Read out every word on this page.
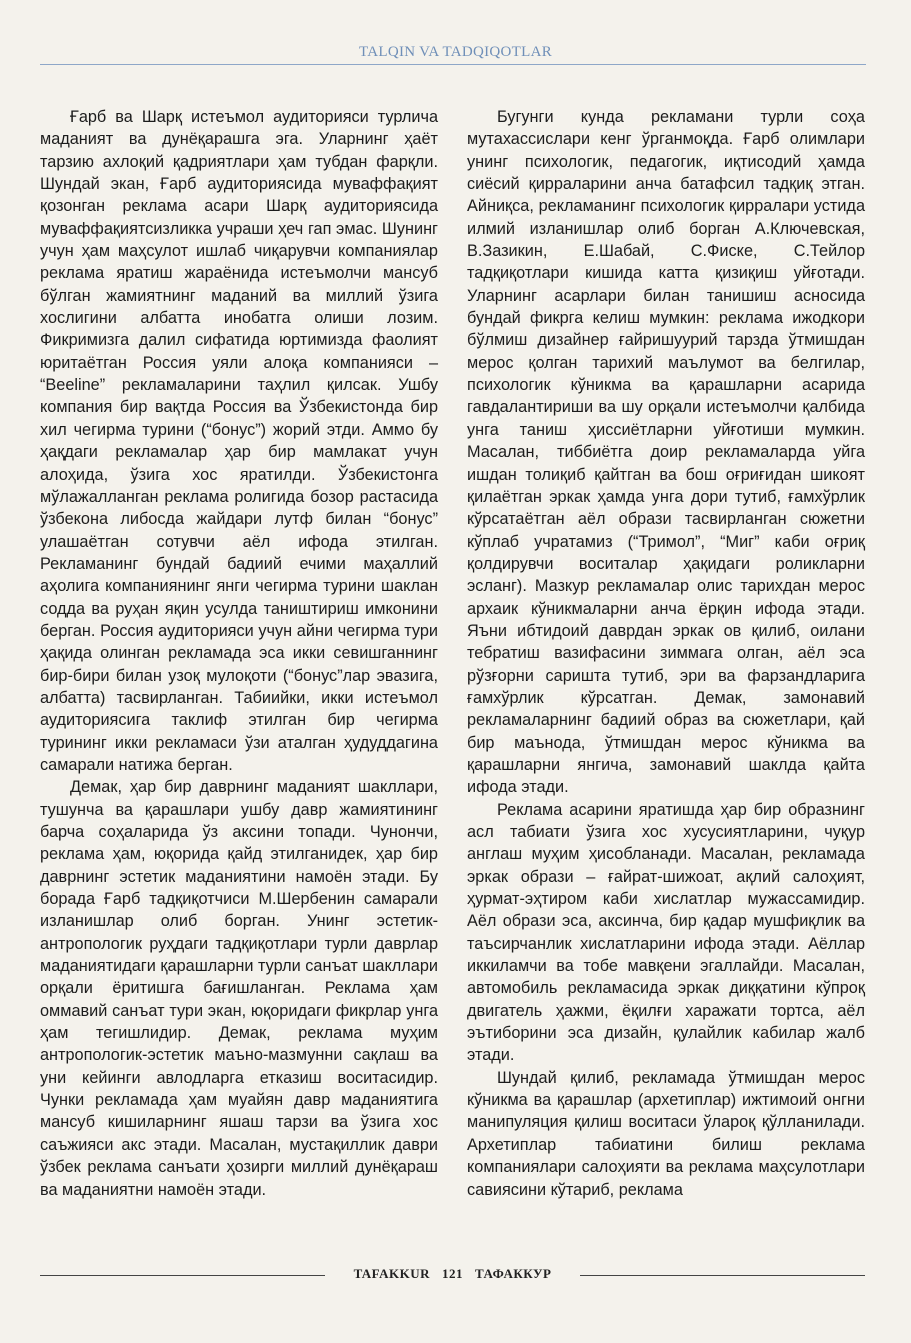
TALQIN VA TADQIQOTLAR

Ғарб ва Шарқ истеъмол аудиторияси турлича маданият ва дунёқарашга эга. Уларнинг ҳаёт тарзию ахлоқий қадриятлари ҳам тубдан фарқли. Шундай экан, Ғарб аудиториясида муваффақият қозонган реклама асари Шарқ аудиториясида муваффақиятсизликка учраши ҳеч гап эмас. Шунинг учун ҳам маҳсулот ишлаб чиқарувчи компаниялар реклама яратиш жараёнида истеъмолчи мансуб бўлган жамиятнинг маданий ва миллий ўзига хослигини албатта инобатга олиши лозим. Фикримизга далил сифатида юртимизда фаолият юритаётган Россия уяли алоқа компанияси – “Beeline” рекламаларини таҳлил қилсак. Ушбу компания бир вақтда Россия ва Ўзбекистонда бир хил чегирма турини (“бонус”) жорий этди. Аммо бу ҳақдаги рекламалар ҳар бир мамлакат учун алоҳида, ўзига хос яратилди. Ўзбекистонга мўлажалланган реклама ролигида бозор растасида ўзбекона либосда жайдари лутф билан “бонус” улашаётган сотувчи аёл ифода этилган. Рекламанинг бундай бадиий ечими маҳаллий аҳолига компаниянинг янги чегирма турини шаклан содда ва руҳан яқин усулда таништириш имконини берган. Россия аудиторияси учун айни чегирма тури ҳақида олинган рекламада эса икки севишганнинг бир-бири билан узоқ мулоқоти (“бонус”лар эвазига, албатта) тасвирланган. Табиийки, икки истеъмол аудиториясига таклиф этилган бир чегирма турининг икки рекламаси ўзи аталган ҳудуддагина самарали натижа берган.

Демак, ҳар бир даврнинг маданият шакллари, тушунча ва қарашлари ушбу давр жамиятининг барча соҳаларида ўз аксини топади. Чунончи, реклама ҳам, юқорида қайд этилганидек, ҳар бир даврнинг эстетик маданиятини намоён этади. Бу борада Ғарб тадқиқотчиси М.Шербенин самарали изланишлар олиб борган. Унинг эстетик-антропологик руҳдаги тадқиқотлари турли даврлар маданиятидаги қарашларни турли санъат шакллари орқали ёритишга бағишланган. Реклама ҳам оммавий санъат тури экан, юқоридаги фикрлар унга ҳам тегишлидир. Демак, реклама муҳим антропологик-эстетик маъно-мазмунни сақлаш ва уни кейинги авлодларга етказиш воситасидир. Чунки рекламада ҳам муайян давр маданиятига мансуб кишиларнинг яшаш тарзи ва ўзига хос саъжияси акс этади. Масалан, мустақиллик даври ўзбек реклама санъати ҳозирги миллий дунёқараш ва маданиятни намоён этади.

Бугунги кунда рекламани турли соҳа мутахассислари кенг ўрганмоқда. Ғарб олимлари унинг психологик, педагогик, иқтисодий ҳамда сиёсий қирраларини анча батафсил тадқиқ этган. Айниқса, рекламанинг психологик қирралари устида илмий изланишлар олиб борган А.Ключевская, В.Зазикин, Е.Шабай, С.Фиске, С.Тейлор тадқиқотлари кишида катта қизиқиш уйғотади. Уларнинг асарлари билан танишиш асносида бундай фикрга келиш мумкин: реклама ижодкори бўлмиш дизайнер ғайришуурий тарзда ўтмишдан мерос қолган тарихий маълумот ва белгилар, психологик кўникма ва қарашларни асарида гавдалантириши ва шу орқали истеъмолчи қалбида унга таниш ҳиссиётларни уйғотиши мумкин. Масалан, тиббиётга доир рекламаларда уйга ишдан толиқиб қайтган ва бош оғриғидан шикоят қилаётган эркак ҳамда унга дори тутиб, ғамхўрлик кўрсатаётган аёл образи тасвирланган сюжетни кўплаб учратамиз (“Тримол”, “Миг” каби оғриқ қолдирувчи воситалар ҳақидаги роликларни эсланг). Мазкур рекламалар олис тарихдан мерос архаик кўникмаларни анча ёрқин ифода этади. Яъни ибтидоий даврдан эркак ов қилиб, оилани тебратиш вазифасини зиммага олган, аёл эса рўзғорни саришта тутиб, эри ва фарзандларига ғамхўрлик кўрсатган. Демак, замонавий рекламаларнинг бадиий образ ва сюжетлари, қай бир маънода, ўтмишдан мерос кўникма ва қарашларни янгича, замонавий шаклда қайта ифода этади.

Реклама асарини яратишда ҳар бир образнинг асл табиати ўзига хос хусусиятларини, чуқур англаш муҳим ҳисобланади. Масалан, рекламада эркак образи – ғайрат-шижоат, ақлий салоҳият, ҳурмат-эҳтиром каби хислатлар мужассамидир. Аёл образи эса, аксинча, бир қадар мушфиқлик ва таъсирчанлик хислатларини ифода этади. Аёллар иккиламчи ва тобе мавқени эгаллайди. Масалан, автомобиль рекламасида эркак диққатини кўпроқ двигатель ҳажми, ёқилғи харажати тортса, аёл эътиборини эса дизайн, қулайлик кабилар жалб этади.

Шундай қилиб, рекламада ўтмишдан мерос кўникма ва қарашлар (архетиплар) ижтимоий онгни манипуляция қилиш воситаси ўлароқ қўлланилади. Архетиплар табиатини билиш реклама компаниялари салоҳияти ва реклама маҳсулотлари савиясини кўтариб, реклама

TAFAKKUR 121 ТАФАККУР
